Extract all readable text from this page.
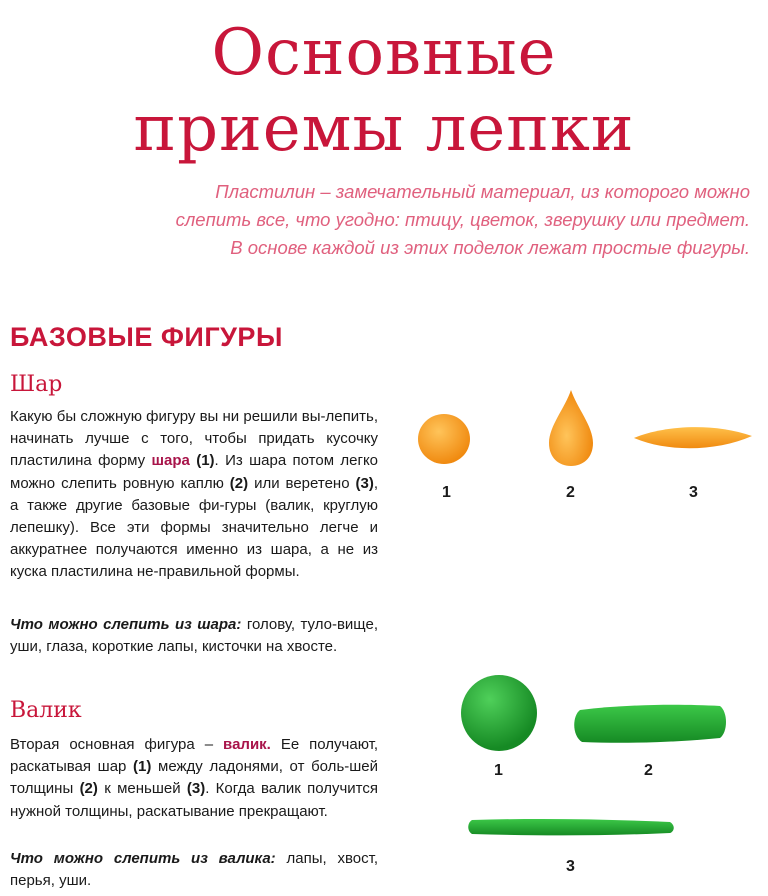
Основные
приемы лепки
Пластилин – замечательный материал, из которого можно
слепить все, что угодно: птицу, цветок, зверушку или предмет.
В основе каждой из этих поделок лежат простые фигуры.
БАЗОВЫЕ ФИГУРЫ
Шар

Какую бы сложную фигуру вы ни решили вы-лепить, начинать лучше с того, чтобы придать кусочку пластилина форму шара (1). Из шара потом легко можно слепить ровную каплю (2) или веретено (3), а также другие базовые фи-гуры (валик, круглую лепешку). Все эти формы значительно легче и аккуратнее получаются именно из шара, а не из куска пластилина не-правильной формы.

Что можно слепить из шара: голову, туло-вище, уши, глаза, короткие лапы, кисточки на хвосте.

1	2	3
Валик

Вторая основная фигура – валик. Ее получают, раскатывая шар (1) между ладонями, от боль-шей толщины (2) к меньшей (3). Когда валик получится нужной толщины, раскатывание прекращают.

Что можно слепить из валика: лапы, хвост, перья, уши.

1	2
3
